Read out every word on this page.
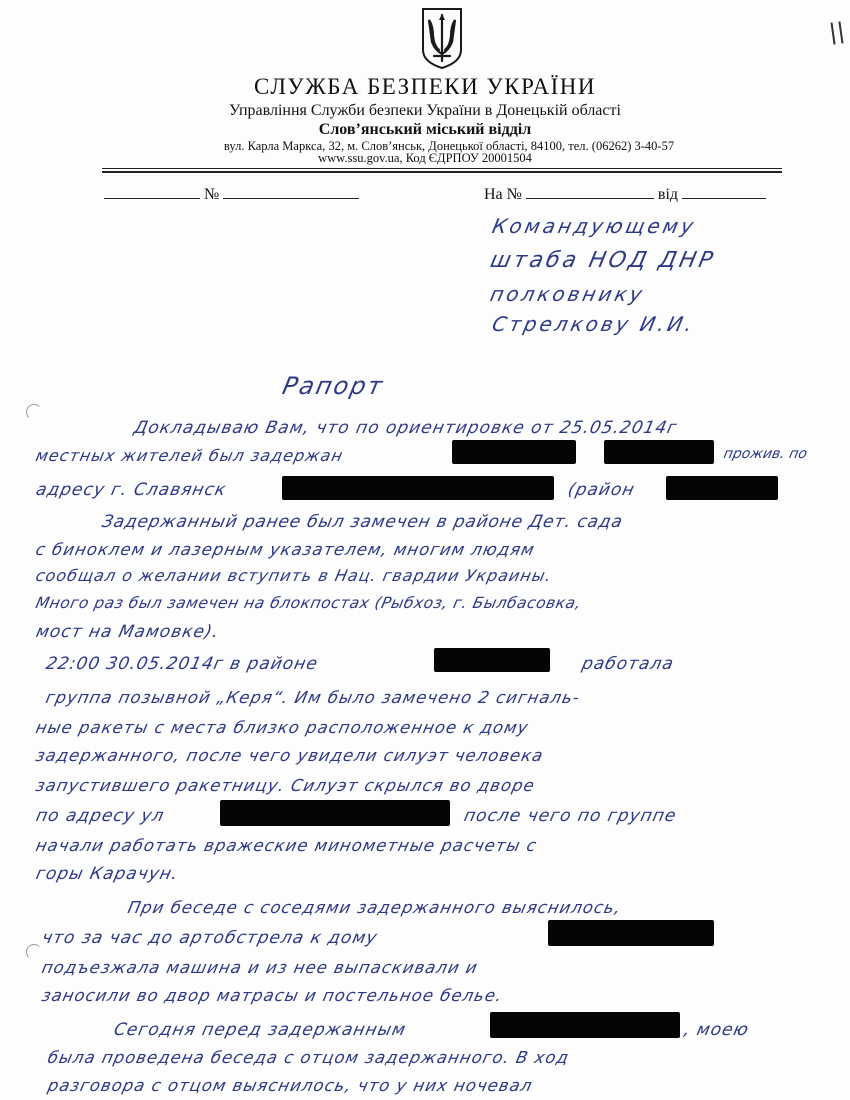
СЛУЖБА БЕЗПЕКИ УКРАЇНИ
Управління Служби безпеки України в Донецькій області
Слов’янський міський відділ
вул. Карла Маркса, 32, м. Слов’янськ, Донецької області, 84100, тел. (06262) 3-40-57
www.ssu.gov.ua, Код ЄДРПОУ 20001504
№	На №	від
Командующему
штаба НОД ДНР
полковнику
Стрелкову И.И.
Рапорт
Докладываю Вам, что по ориентировке от 25.05.2014г
местных жителей был задержан	прожив. по
адресу г. Славянск	(район
Задержанный ранее был замечен в районе Дет. сада
с биноклем и лазерным указателем, многим людям
сообщал о желании вступить в Нац. гвардии Украины.
Много раз был замечен на блокпостах (Рыбхоз, г. Былбасовка,
мост на Мамовке).
22:00 30.05.2014г в районе	работала
группа позывной „Керя“. Им было замечено 2 сигналь-
ные ракеты с места близко расположенное к дому
задержанного, после чего увидели силуэт человека
запустившего ракетницу. Силуэт скрылся во дворе
по адресу ул	после чего по группе
начали работать вражеские минометные расчеты с
горы Карачун.
При беседе с соседями задержанного выяснилось,
что за час до артобстрела к дому
подъезжала машина и из нее выпаскивали и
заносили во двор матрасы и постельное белье.
Сегодня перед задержанным	, моею
была проведена беседа с отцом задержанного. В ход
разговора с отцом выяснилось, что у них ночевал
